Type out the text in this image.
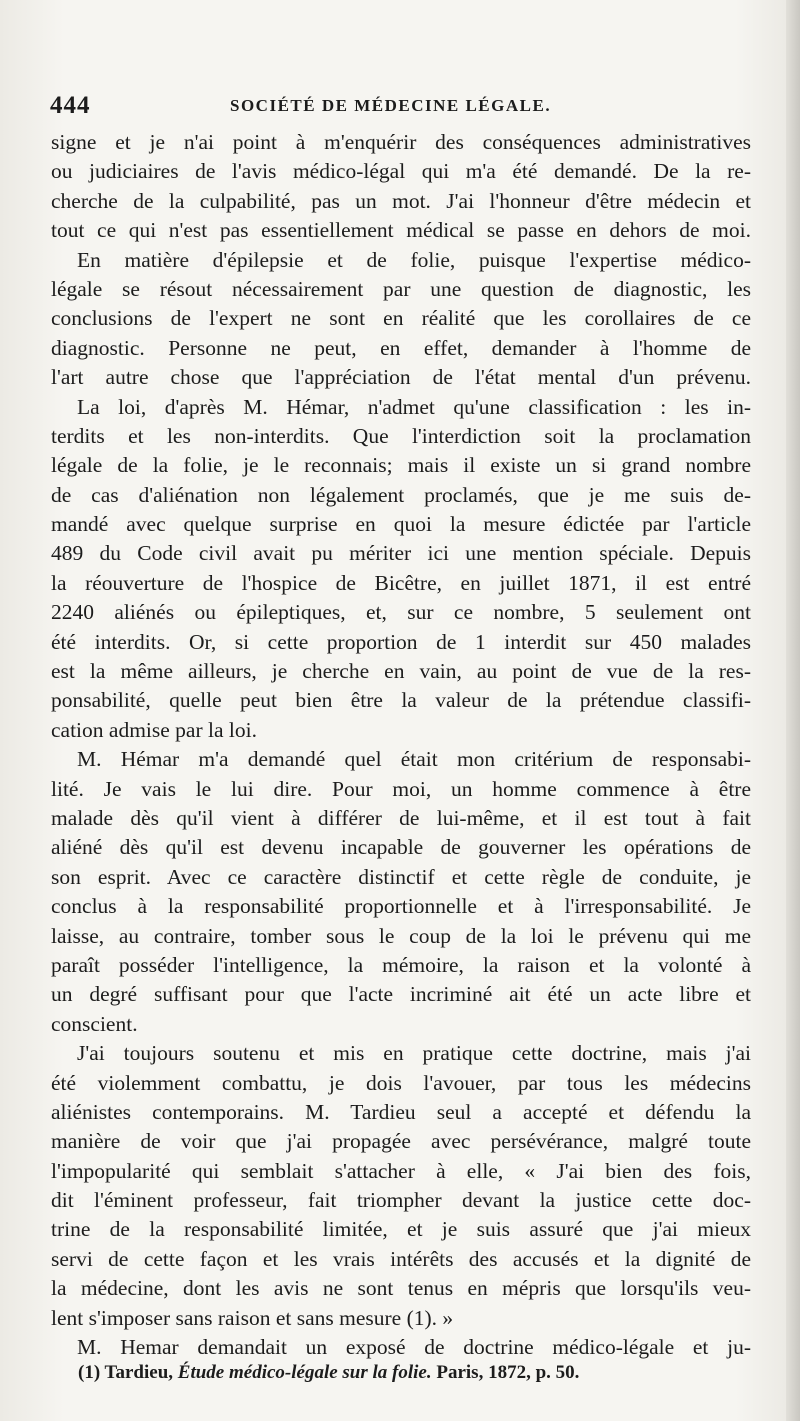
444	SOCIÉTÉ DE MÉDECINE LÉGALE.
signe et je n'ai point à m'enquérir des conséquences administratives
ou judiciaires de l'avis médico-légal qui m'a été demandé. De la re-
cherche de la culpabilité, pas un mot. J'ai l'honneur d'être médecin et
tout ce qui n'est pas essentiellement médical se passe en dehors de moi.
En matière d'épilepsie et de folie, puisque l'expertise médico-
légale se résout nécessairement par une question de diagnostic, les
conclusions de l'expert ne sont en réalité que les corollaires de ce
diagnostic. Personne ne peut, en effet, demander à l'homme de
l'art autre chose que l'appréciation de l'état mental d'un prévenu.
La loi, d'après M. Hémar, n'admet qu'une classification : les in-
terdits et les non-interdits. Que l'interdiction soit la proclamation
légale de la folie, je le reconnais; mais il existe un si grand nombre
de cas d'aliénation non légalement proclamés, que je me suis de-
mandé avec quelque surprise en quoi la mesure édictée par l'article
489 du Code civil avait pu mériter ici une mention spéciale. Depuis
la réouverture de l'hospice de Bicêtre, en juillet 1871, il est entré
2240 aliénés ou épileptiques, et, sur ce nombre, 5 seulement ont
été interdits. Or, si cette proportion de 1 interdit sur 450 malades
est la même ailleurs, je cherche en vain, au point de vue de la res-
ponsabilité, quelle peut bien être la valeur de la prétendue classifi-
cation admise par la loi.
M. Hémar m'a demandé quel était mon critérium de responsabi-
lité. Je vais le lui dire. Pour moi, un homme commence à être
malade dès qu'il vient à différer de lui-même, et il est tout à fait
aliéné dès qu'il est devenu incapable de gouverner les opérations de
son esprit. Avec ce caractère distinctif et cette règle de conduite, je
conclus à la responsabilité proportionnelle et à l'irresponsabilité. Je
laisse, au contraire, tomber sous le coup de la loi le prévenu qui me
paraît posséder l'intelligence, la mémoire, la raison et la volonté à
un degré suffisant pour que l'acte incriminé ait été un acte libre et
conscient.
J'ai toujours soutenu et mis en pratique cette doctrine, mais j'ai
été violemment combattu, je dois l'avouer, par tous les médecins
aliénistes contemporains. M. Tardieu seul a accepté et défendu la
manière de voir que j'ai propagée avec persévérance, malgré toute
l'impopularité qui semblait s'attacher à elle, « J'ai bien des fois,
dit l'éminent professeur, fait triompher devant la justice cette doc-
trine de la responsabilité limitée, et je suis assuré que j'ai mieux
servi de cette façon et les vrais intérêts des accusés et la dignité de
la médecine, dont les avis ne sont tenus en mépris que lorsqu'ils veu-
lent s'imposer sans raison et sans mesure (1). »
M. Hemar demandait un exposé de doctrine médico-légale et ju-
(1) Tardieu, Étude médico-légale sur la folie. Paris, 1872, p. 50.
